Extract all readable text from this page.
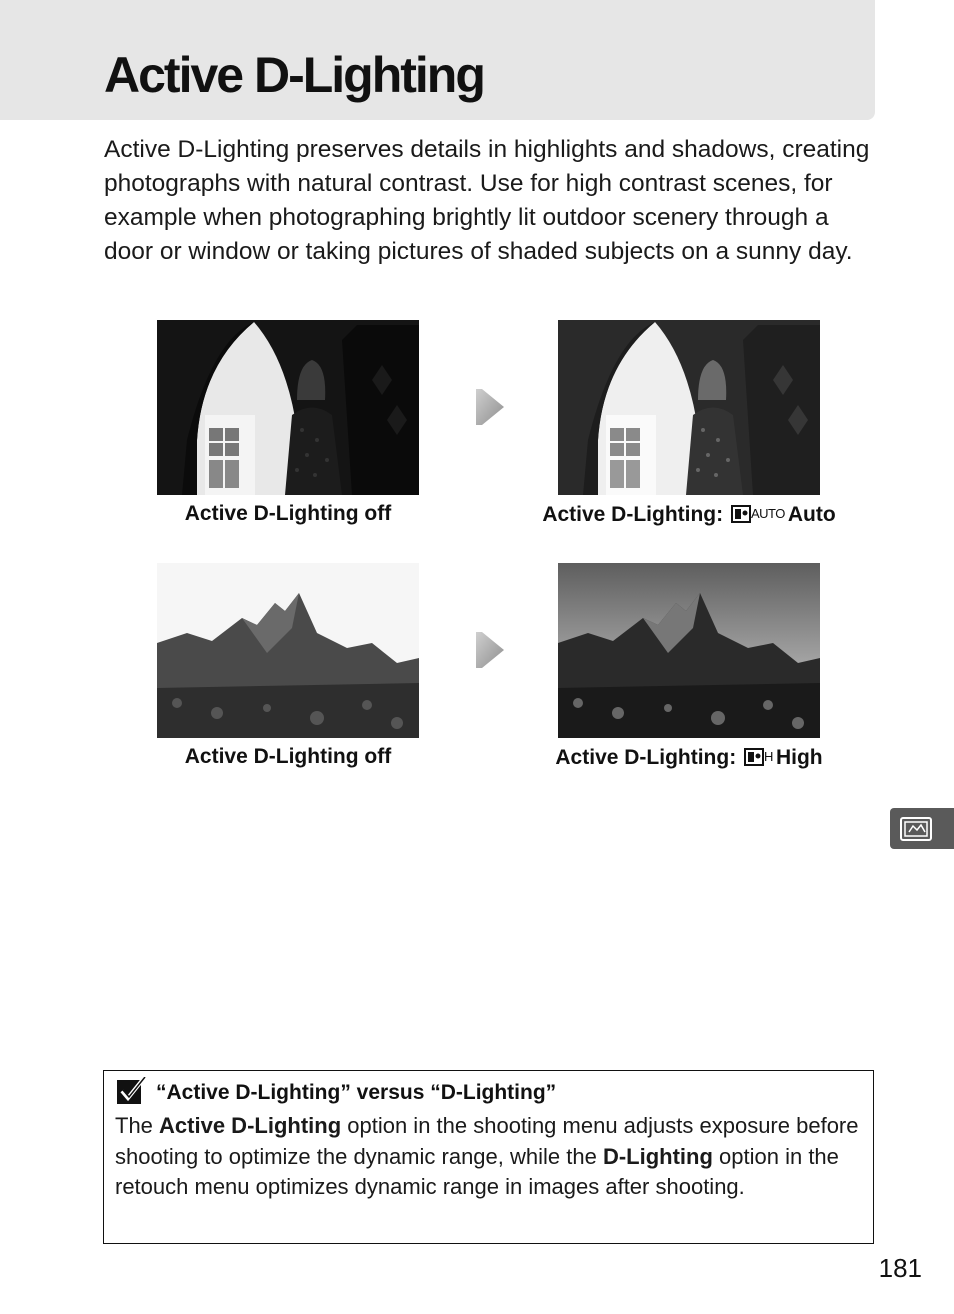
Active D-Lighting

Active D-Lighting preserves details in highlights and shadows, creating photographs with natural contrast. Use for high contrast scenes, for example when photographing brightly lit outdoor scenery through a door or window or taking pictures of shaded subjects on a sunny day.

Active D-Lighting off	Active D-Lighting: AUTO Auto
Active D-Lighting off	Active D-Lighting: H High

“Active D-Lighting” versus “D-Lighting”

The Active D-Lighting option in the shooting menu adjusts exposure before shooting to optimize the dynamic range, while the D-Lighting option in the retouch menu optimizes dynamic range in images after shooting.

181
